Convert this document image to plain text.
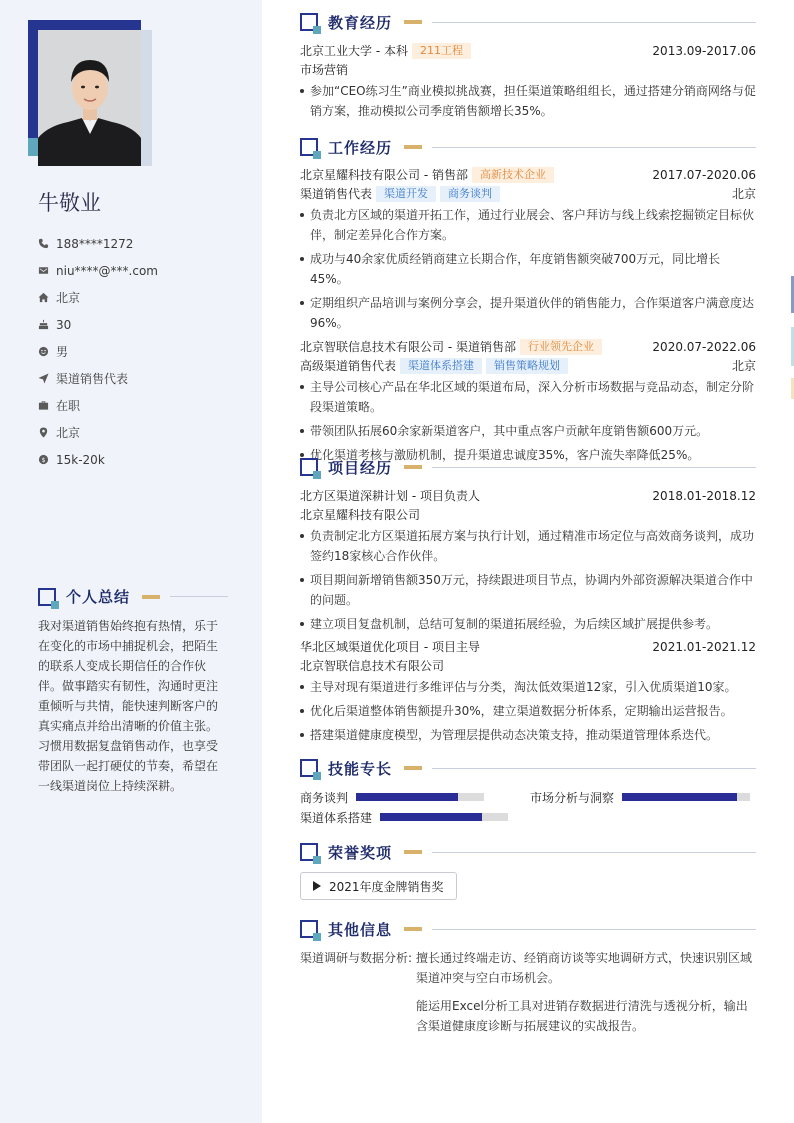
牛敬业
188****1272
niu****@***.com
北京
30
男
渠道销售代表
在职
北京
$ 15k-20k
个人总结
我对渠道销售始终抱有热情，乐于在变化的市场中捕捉机会，把陌生的联系人变成长期信任的合作伙伴。做事踏实有韧性，沟通时更注重倾听与共情，能快速判断客户的真实痛点并给出清晰的价值主张。习惯用数据复盘销售动作，也享受带团队一起打硬仗的节奏，希望在一线渠道岗位上持续深耕。
教育经历
北京工业大学 - 本科	211工程	2013.09-2017.06
市场营销
参加“CEO练习生”商业模拟挑战赛，担任渠道策略组组长，通过搭建分销商网络与促销方案，推动模拟公司季度销售额增长35%。
工作经历
北京星耀科技有限公司 - 销售部	高新技术企业	2017.07-2020.06
渠道销售代表	渠道开发	商务谈判	北京
负责北方区域的渠道开拓工作，通过行业展会、客户拜访与线上线索挖掘锁定目标伙伴，制定差异化合作方案。
成功与40余家优质经销商建立长期合作，年度销售额突破700万元，同比增长45%。
定期组织产品培训与案例分享会，提升渠道伙伴的销售能力，合作渠道客户满意度达96%。
北京智联信息技术有限公司 - 渠道销售部	行业领先企业	2020.07-2022.06
高级渠道销售代表	渠道体系搭建	销售策略规划	北京
主导公司核心产品在华北区域的渠道布局，深入分析市场数据与竞品动态，制定分阶段渠道策略。
带领团队拓展60余家新渠道客户，其中重点客户贡献年度销售额600万元。
优化渠道考核与激励机制，提升渠道忠诚度35%，客户流失率降低25%。
项目经历
北方区渠道深耕计划 - 项目负责人	2018.01-2018.12
北京星耀科技有限公司
负责制定北方区渠道拓展方案与执行计划，通过精准市场定位与高效商务谈判，成功签约18家核心合作伙伴。
项目期间新增销售额350万元，持续跟进项目节点，协调内外部资源解决渠道合作中的问题。
建立项目复盘机制，总结可复制的渠道拓展经验，为后续区域扩展提供参考。
华北区域渠道优化项目 - 项目主导	2021.01-2021.12
北京智联信息技术有限公司
主导对现有渠道进行多维评估与分类，淘汰低效渠道12家，引入优质渠道10家。
优化后渠道整体销售额提升30%，建立渠道数据分析体系，定期输出运营报告。
搭建渠道健康度模型，为管理层提供动态决策支持，推动渠道管理体系迭代。
技能专长
商务谈判	市场分析与洞察
渠道体系搭建
荣誉奖项
2021年度金牌销售奖
其他信息
渠道调研与数据分析: 擅长通过终端走访、经销商访谈等实地调研方式，快速识别区域渠道冲突与空白市场机会。

能运用Excel分析工具对进销存数据进行清洗与透视分析，输出含渠道健康度诊断与拓展建议的实战报告。
